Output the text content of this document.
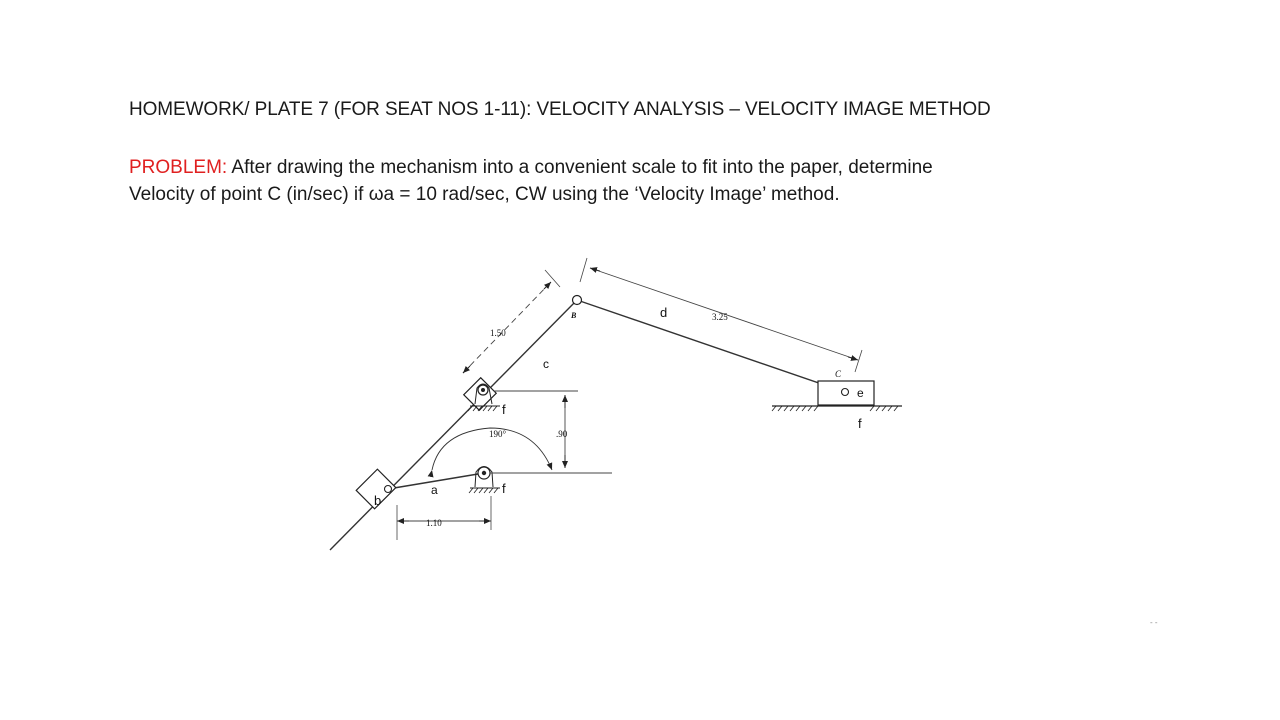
HOMEWORK/ PLATE 7 (FOR SEAT NOS 1-11): VELOCITY ANALYSIS – VELOCITY IMAGE METHOD
PROBLEM: After drawing the mechanism into a convenient scale to fit into the paper, determine
Velocity of point C (in/sec) if ωa = 10 rad/sec, CW using the ‘Velocity Image’ method.
a
b
c
d
e
f
f
f
B
C
1.50
3.25
.90
1.10
190°
- -
